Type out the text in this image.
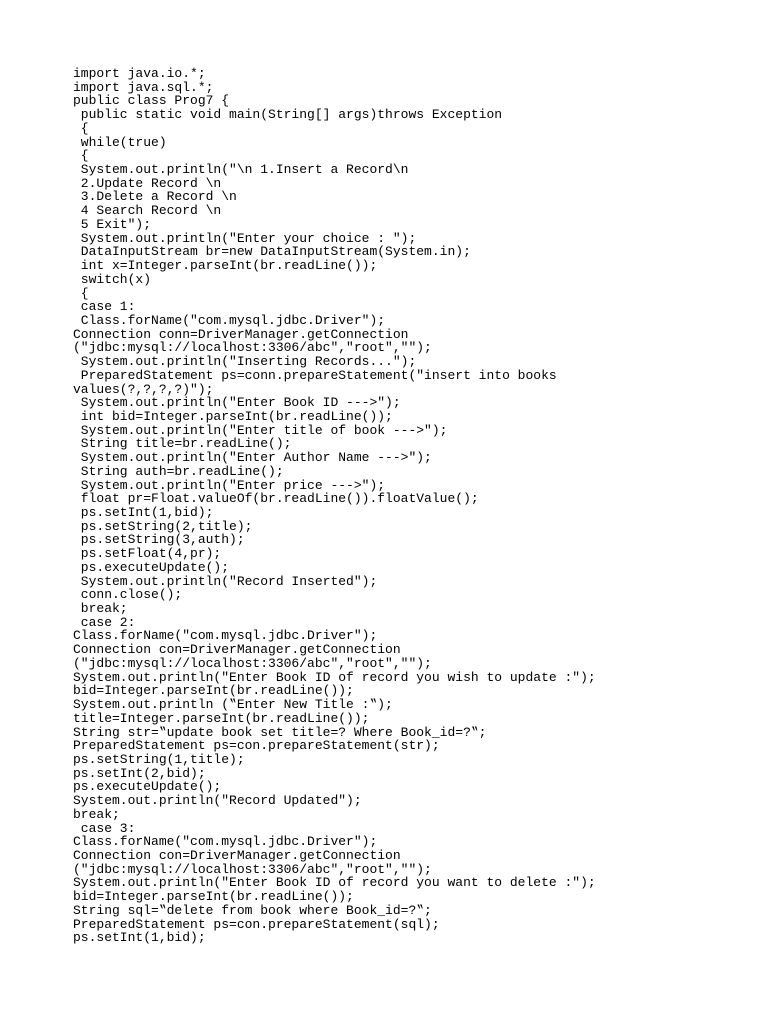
import java.io.*;
import java.sql.*;
public class Prog7 {
public static void main(String[] args)throws Exception
{
while(true)
{
System.out.println("\n 1.Insert a Record\n
2.Update Record \n
3.Delete a Record \n
4 Search Record \n
5 Exit");
System.out.println("Enter your choice : ");
DataInputStream br=new DataInputStream(System.in);
int x=Integer.parseInt(br.readLine());
switch(x)
{
case 1:
Class.forName("com.mysql.jdbc.Driver");
Connection conn=DriverManager.getConnection
("jdbc:mysql://localhost:3306/abc","root","");
System.out.println("Inserting Records...");
PreparedStatement ps=conn.prepareStatement("insert into books
values(?,?,?,?)");
System.out.println("Enter Book ID --->");
int bid=Integer.parseInt(br.readLine());
System.out.println("Enter title of book --->");
String title=br.readLine();
System.out.println("Enter Author Name --->");
String auth=br.readLine();
System.out.println("Enter price --->");
float pr=Float.valueOf(br.readLine()).floatValue();
ps.setInt(1,bid);
ps.setString(2,title);
ps.setString(3,auth);
ps.setFloat(4,pr);
ps.executeUpdate();
System.out.println("Record Inserted");
conn.close();
break;
case 2:
Class.forName("com.mysql.jdbc.Driver");
Connection con=DriverManager.getConnection
("jdbc:mysql://localhost:3306/abc","root","");
System.out.println("Enter Book ID of record you wish to update :");
bid=Integer.parseInt(br.readLine());
System.out.println (‟Enter New Title :‟);
title=Integer.parseInt(br.readLine());
String str=‟update book set title=? Where Book_id=?‟;
PreparedStatement ps=con.prepareStatement(str);
ps.setString(1,title);
ps.setInt(2,bid);
ps.executeUpdate();
System.out.println("Record Updated");
break;
case 3:
Class.forName("com.mysql.jdbc.Driver");
Connection con=DriverManager.getConnection
("jdbc:mysql://localhost:3306/abc","root","");
System.out.println("Enter Book ID of record you want to delete :");
bid=Integer.parseInt(br.readLine());
String sql=‟delete from book where Book_id=?‟;
PreparedStatement ps=con.prepareStatement(sql);
ps.setInt(1,bid);
